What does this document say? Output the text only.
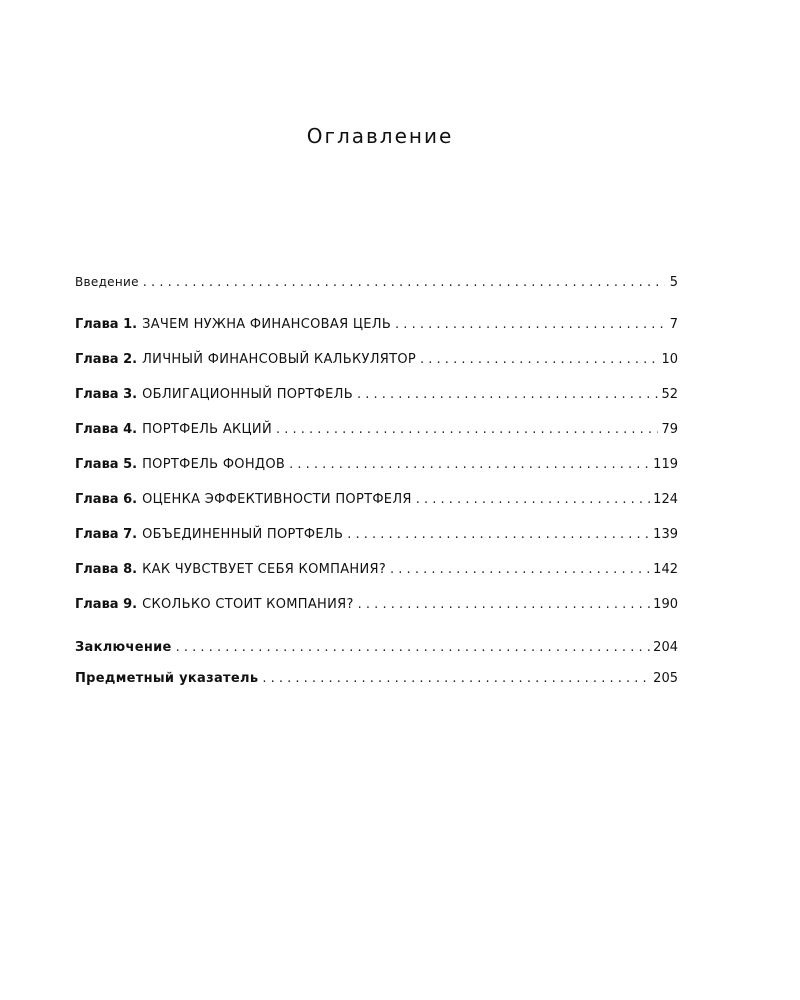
Оглавление
Введение . . .	5
Глава 1. ЗАЧЕМ НУЖНА ФИНАНСОВАЯ ЦЕЛЬ . . .	7
Глава 2. ЛИЧНЫЙ ФИНАНСОВЫЙ КАЛЬКУЛЯТОР . . .	10
Глава 3. ОБЛИГАЦИОННЫЙ ПОРТФЕЛЬ . . .	52
Глава 4. ПОРТФЕЛЬ АКЦИЙ . . .	79
Глава 5. ПОРТФЕЛЬ ФОНДОВ . . .	119
Глава 6. ОЦЕНКА ЭФФЕКТИВНОСТИ ПОРТФЕЛЯ . . .	124
Глава 7. ОБЪЕДИНЕННЫЙ ПОРТФЕЛЬ . . .	139
Глава 8. КАК ЧУВСТВУЕТ СЕБЯ КОМПАНИЯ? . . .	142
Глава 9. СКОЛЬКО СТОИТ КОМПАНИЯ? . . .	190
Заключение . . .	204
Предметный указатель . . .	205
